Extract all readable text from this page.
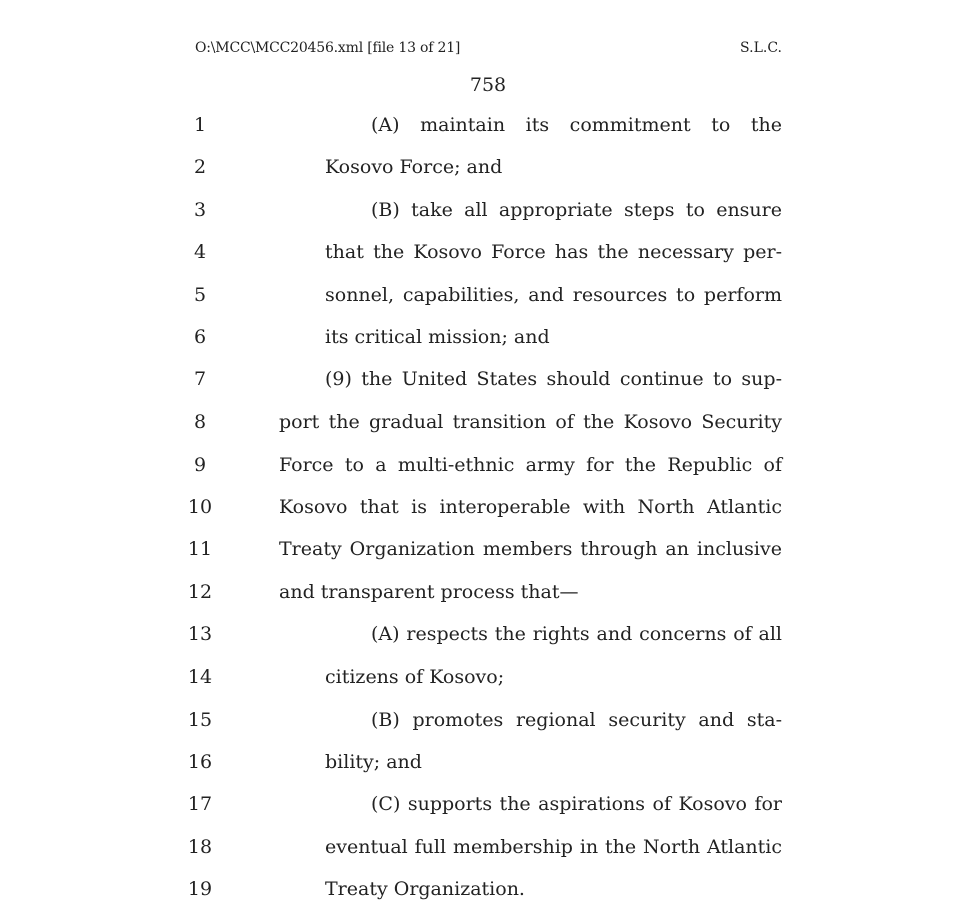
O:\MCC\MCC20456.xml [file 13 of 21]	S.L.C.
758
1	(A) maintain its commitment to the
2	Kosovo Force; and
3	(B) take all appropriate steps to ensure
4	that the Kosovo Force has the necessary per-
5	sonnel, capabilities, and resources to perform
6	its critical mission; and
7	(9) the United States should continue to sup-
8	port the gradual transition of the Kosovo Security
9	Force to a multi-ethnic army for the Republic of
10	Kosovo that is interoperable with North Atlantic
11	Treaty Organization members through an inclusive
12	and transparent process that—
13	(A) respects the rights and concerns of all
14	citizens of Kosovo;
15	(B) promotes regional security and sta-
16	bility; and
17	(C) supports the aspirations of Kosovo for
18	eventual full membership in the North Atlantic
19	Treaty Organization.
